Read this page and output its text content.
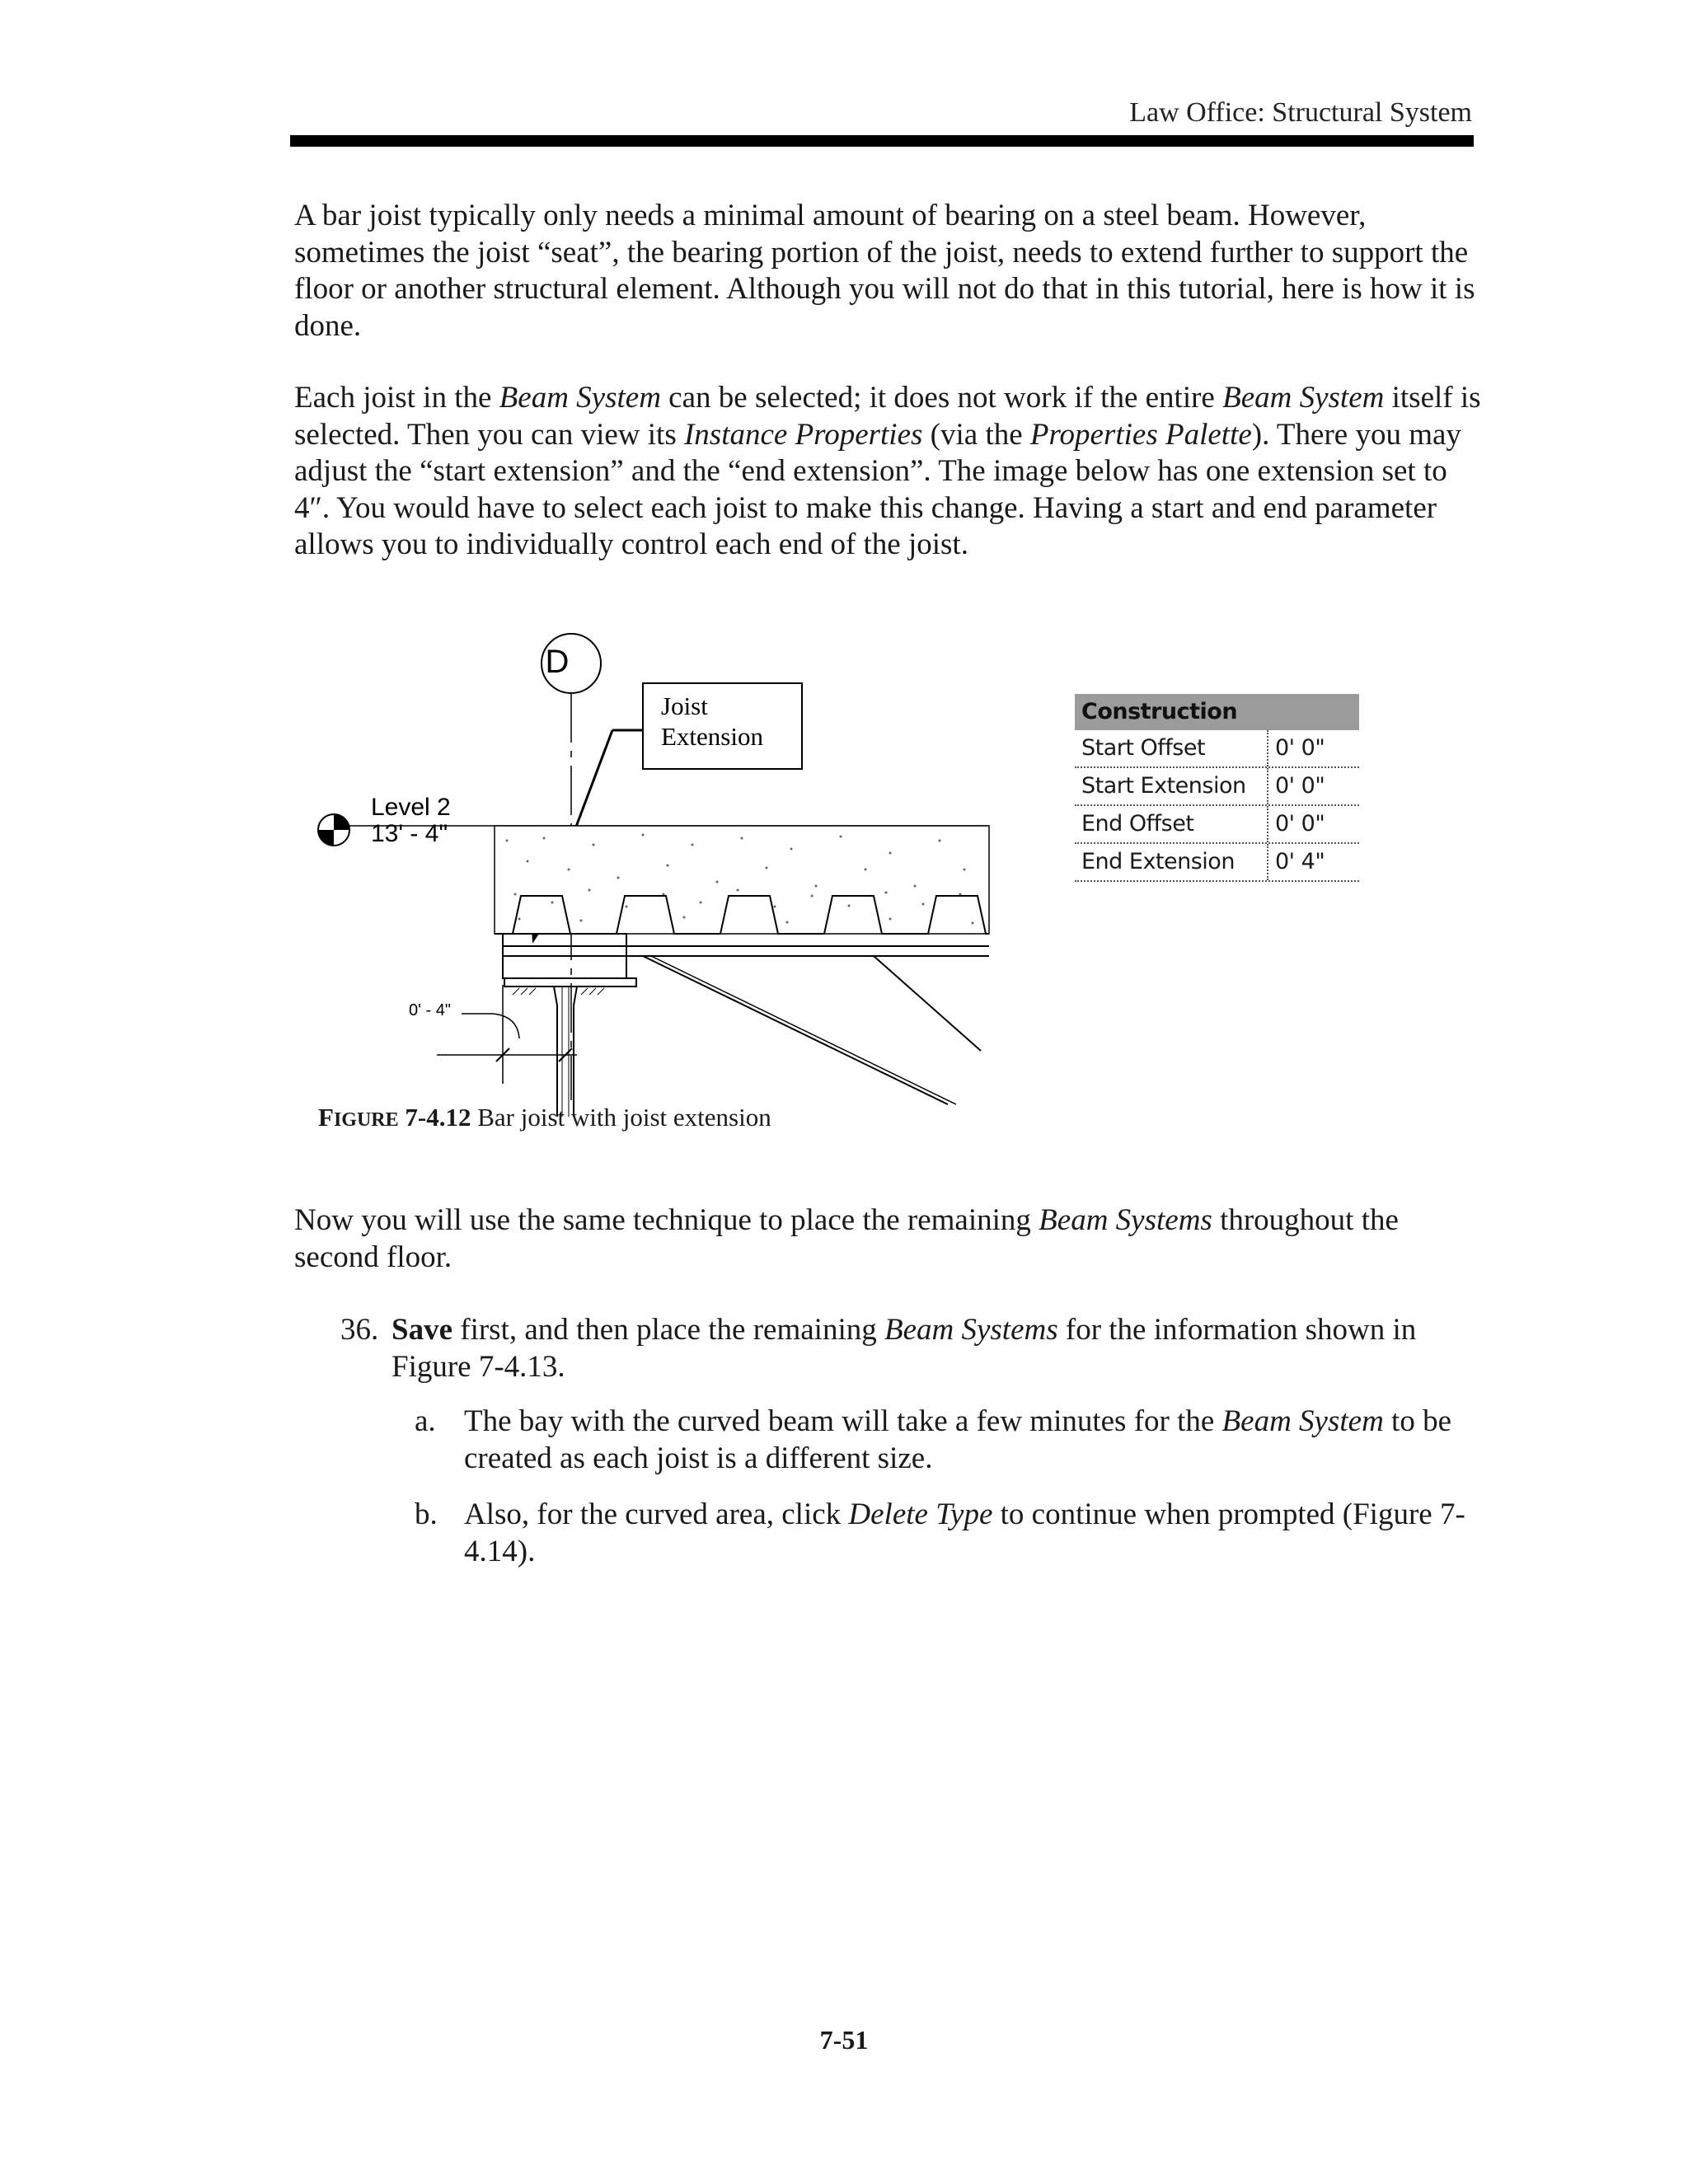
Law Office: Structural System

A bar joist typically only needs a minimal amount of bearing on a steel beam. However, sometimes the joist “seat”, the bearing portion of the joist, needs to extend further to support the floor or another structural element. Although you will not do that in this tutorial, here is how it is done.

Each joist in the Beam System can be selected; it does not work if the entire Beam System itself is selected. Then you can view its Instance Properties (via the Properties Palette). There you may adjust the “start extension” and the “end extension”. The image below has one extension set to 4″. You would have to select each joist to make this change. Having a start and end parameter allows you to individually control each end of the joist.

D
Joist
Extension
Level 2
13' - 4"
0' - 4"
Construction
Start Offset	0' 0"
Start Extension	0' 0"
End Offset	0' 0"
End Extension	0' 4"
FIGURE 7-4.12 Bar joist with joist extension

Now you will use the same technique to place the remaining Beam Systems throughout the second floor.

36. Save first, and then place the remaining Beam Systems for the information shown in Figure 7-4.13.
a. The bay with the curved beam will take a few minutes for the Beam System to be created as each joist is a different size.
b. Also, for the curved area, click Delete Type to continue when prompted (Figure 7-4.14).
7-51
